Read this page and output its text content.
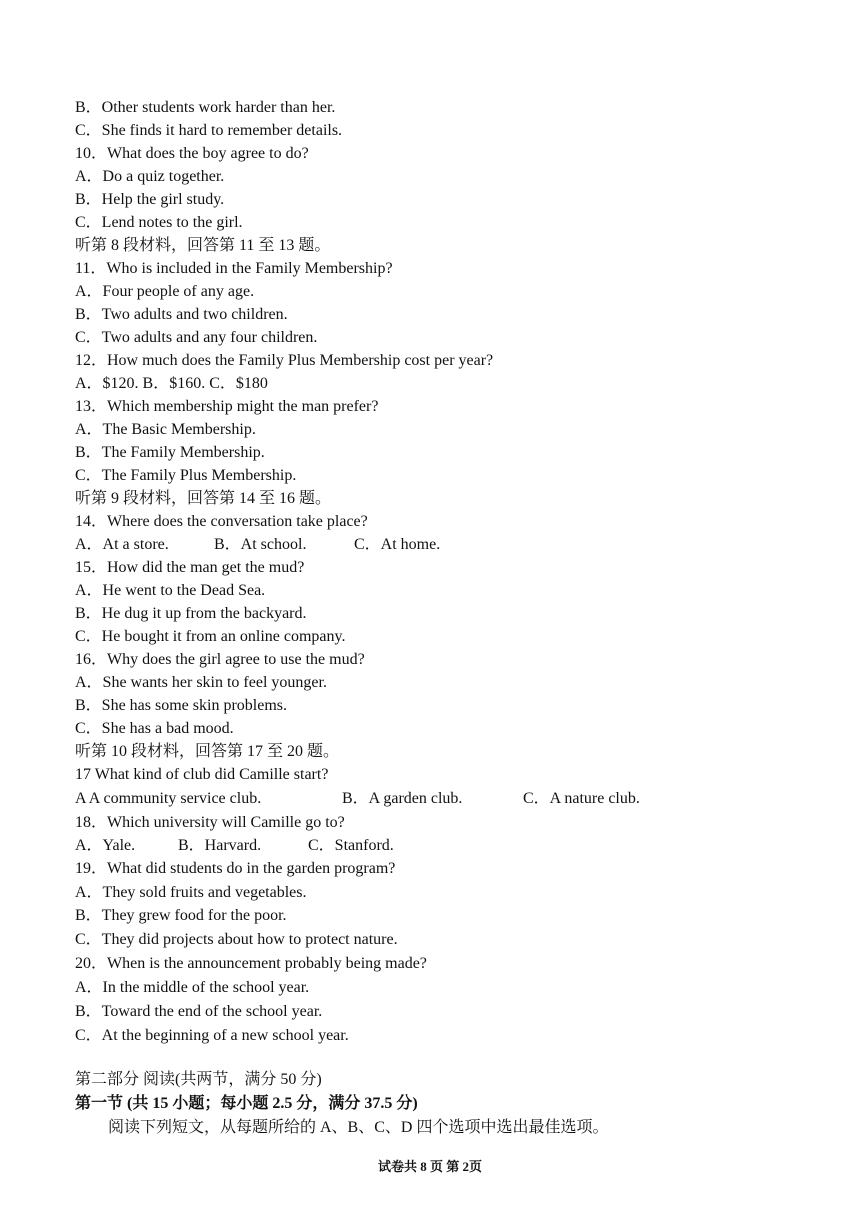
B．Other students work harder than her.
C．She finds it hard to remember details.
10．What does the boy agree to do?
A．Do a quiz together.
B．Help the girl study.
C．Lend notes to the girl.
听第 8 段材料，回答第 11 至 13 题。
11．Who is included in the Family Membership?
A．Four people of any age.
B．Two adults and two children.
C．Two adults and any four children.
12．How much does the Family Plus Membership cost per year?
A．$120. B．$160. C．$180
13．Which membership might the man prefer?
A．The Basic Membership.
B．The Family Membership.
C．The Family Plus Membership.
听第 9 段材料，回答第 14 至 16 题。
14．Where does the conversation take place?
A．At a store.	B．At school.	C．At home.
15．How did the man get the mud?
A．He went to the Dead Sea.
B．He dug it up from the backyard.
C．He bought it from an online company.
16．Why does the girl agree to use the mud?
A．She wants her skin to feel younger.
B．She has some skin problems.
C．She has a bad mood.
听第 10 段材料，回答第 17 至 20 题。
17 What kind of club did Camille start?
A A community service club.	B．A garden club.	C．A nature club.
18．Which university will Camille go to?
A．Yale.	B．Harvard.	C．Stanford.
19．What did students do in the garden program?
A．They sold fruits and vegetables.
B．They grew food for the poor.
C．They did projects about how to protect nature.
20．When is the announcement probably being made?
A．In the middle of the school year.
B．Toward the end of the school year.
C．At the beginning of a new school year.
第二部分 阅读(共两节，满分 50 分)
第一节 (共 15 小题；每小题 2.5 分，满分 37.5 分)
阅读下列短文，从每题所给的 A、B、C、D 四个选项中选出最佳选项。
试卷共 8 页 第 2页
